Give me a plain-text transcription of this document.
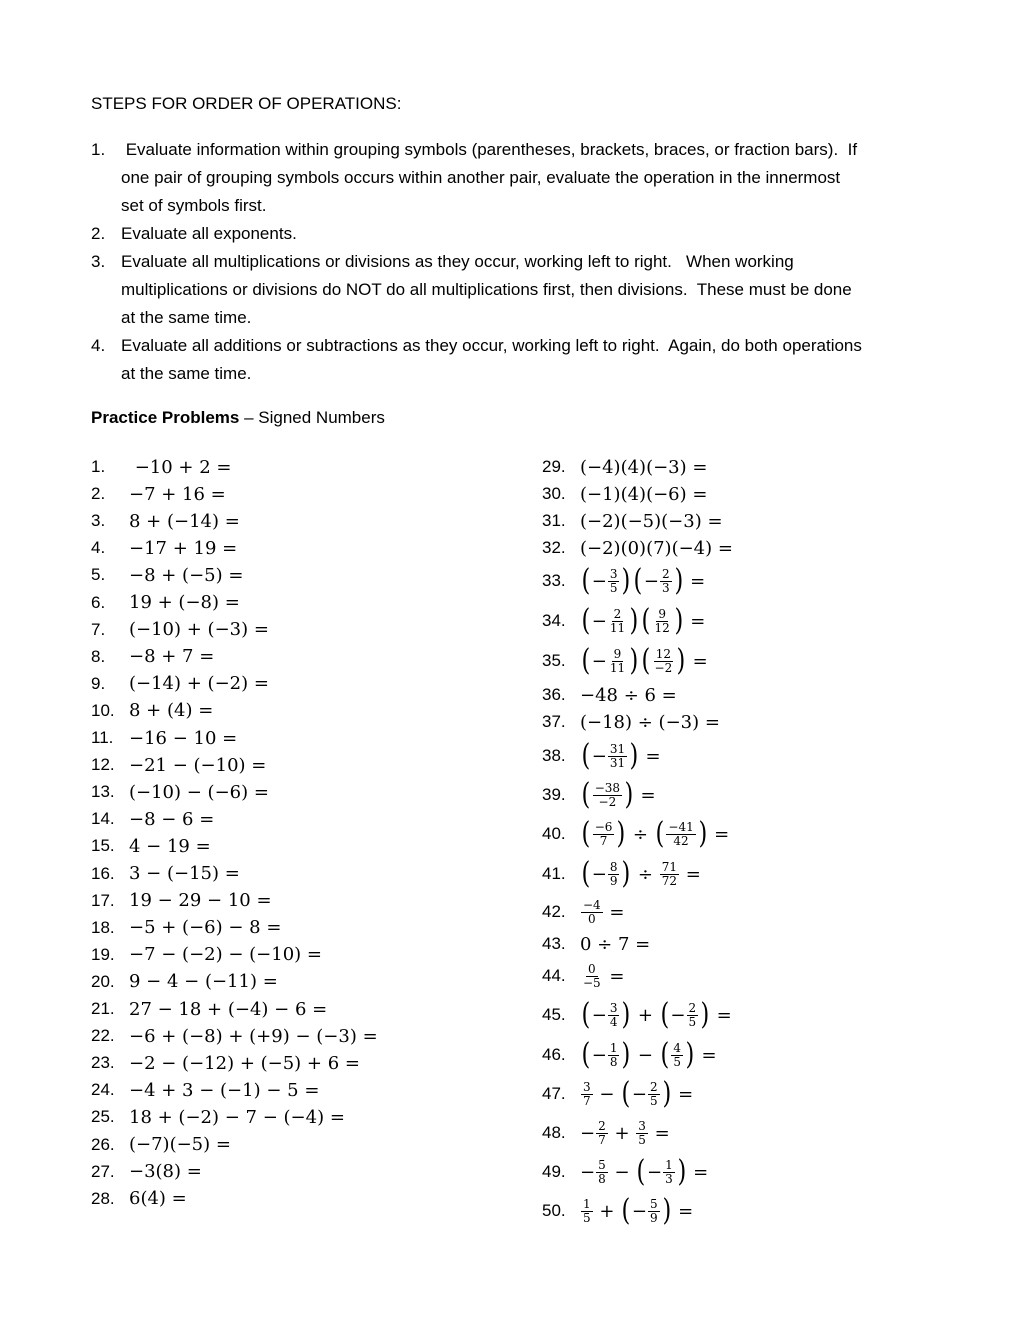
STEPS FOR ORDER OF OPERATIONS:
1. Evaluate information within grouping symbols (parentheses, brackets, braces, or fraction bars).  If
one pair of grouping symbols occurs within another pair, evaluate the operation in the innermost
set of symbols first.
2. Evaluate all exponents.
3. Evaluate all multiplications or divisions as they occur, working left to right.   When working
multiplications or divisions do NOT do all multiplications first, then divisions.  These must be done
at the same time.
4. Evaluate all additions or subtractions as they occur, working left to right.  Again, do both operations
at the same time.
Practice Problems – Signed Numbers
1.	−10 + 2 =
2.	−7 + 16 =
3.	8 + (−14) =
4.	−17 + 19 =
5.	−8 + (−5) =
6.	19 + (−8) =
7.	(−10) + (−3) =
8.	−8 + 7 =
9.	(−14) + (−2) =
10. 8 + (4) =
11. −16 − 10 =
12. −21 − (−10) =
13. (−10) − (−6) =
14. −8 − 6 =
15. 4 − 19 =
16. 3 − (−15) =
17. 19 − 29 − 10 =
18. −5 + (−6) − 8 =
19. −7 − (−2) − (−10) =
20. 9 − 4 − (−11) =
21. 27 − 18 + (−4) − 6 =
22. −6 + (−8) + (+9) − (−3) =
23. −2 − (−12) + (−5) + 6 =
24. −4 + 3 − (−1) − 5 =
25. 18 + (−2) − 7 − (−4) =
26. (−7)(−5) =
27. −3(8) =
28. 6(4) =
29. (−4)(4)(−3) =
30. (−1)(4)(−6) =
31. (−2)(−5)(−3) =
32. (−2)(0)(7)(−4) =
33. ( − $\frac{3}{5}$ ) ( − $\frac{2}{3}$ ) =
34. ( − $\frac{2}{11}$ ) ( $\frac{9}{12}$ ) =
35. ( − $\frac{9}{11}$ ) ( $\frac{12}{-2}$ ) =
36. −48 ÷ 6 =
37. (−18) ÷ (−3) =
38. ( − $\frac{31}{31}$ ) =
39. ( $\frac{-38}{-2}$ ) =
40. ( $\frac{-6}{7}$ ) ÷ ( $\frac{-41}{42}$ ) =
41. ( − $\frac{8}{9}$ ) ÷ $\frac{71}{72}$ =
42.	$\frac{-4}{0}$ =
43. 0 ÷ 7 =
44.	$\frac{0}{-5}$ =
45. ( − $\frac{3}{4}$ ) + ( − $\frac{2}{5}$ ) =
46. ( − $\frac{1}{8}$ ) − ( $\frac{4}{5}$ ) =
47.	$\frac{3}{7}$ − ( − $\frac{2}{5}$ ) =
48. − $\frac{2}{7} + \frac{3}{5}$ =
49. − $\frac{5}{8}$ − ( − $\frac{1}{3}$ ) =
50.	$\frac{1}{5}$ + ( − $\frac{5}{9}$ ) =
